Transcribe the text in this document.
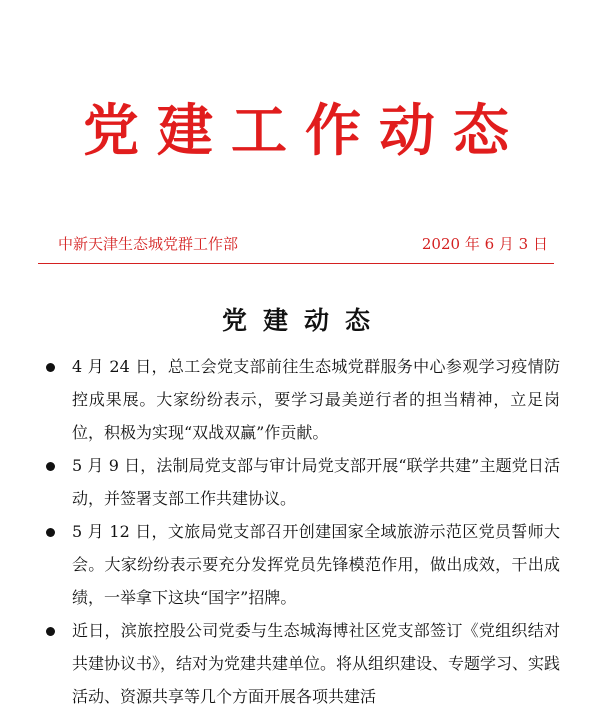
党建工作动态
中新天津生态城党群工作部	2020 年 6 月 3 日
党建动态
4 月 24 日，总工会党支部前往生态城党群服务中心参观学习疫情防控成果展。大家纷纷表示，要学习最美逆行者的担当精神，立足岗位，积极为实现“双战双赢”作贡献。
5 月 9 日，法制局党支部与审计局党支部开展“联学共建”主题党日活动，并签署支部工作共建协议。
5 月 12 日，文旅局党支部召开创建国家全域旅游示范区党员誓师大会。大家纷纷表示要充分发挥党员先锋模范作用，做出成效，干出成绩，一举拿下这块“国字”招牌。
近日，滨旅控股公司党委与生态城海博社区党支部签订《党组织结对共建协议书》，结对为党建共建单位。将从组织建设、专题学习、实践活动、资源共享等几个方面开展各项共建活
